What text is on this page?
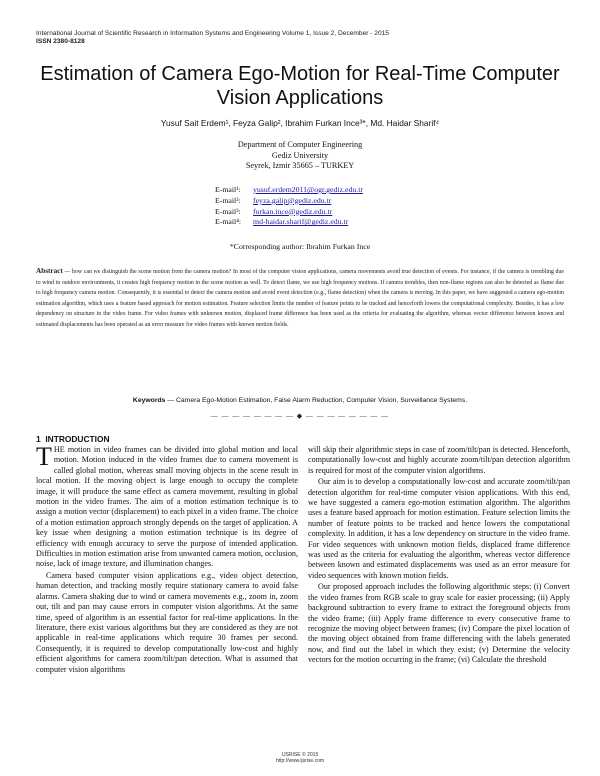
International Journal of Scientific Research in Information Systems and Engineering Volume 1, Issue 2, December - 2015
ISSN 2380-8128
Estimation of Camera Ego-Motion for Real-Time Computer Vision Applications
Yusuf Sait Erdem¹, Feyza Galip², Ibrahim Furkan Ince³*, Md. Haidar Sharif⁴
Department of Computer Engineering
Gediz University
Seyrek, Izmir 35665 – TURKEY
E-mail¹: yusuf.erdem2011@ogr.gediz.edu.tr
E-mail²: feyza.galip@gediz.edu.tr
E-mail³: furkan.ince@gediz.edu.tr
E-mail⁴: md-haidar.sharif@gediz.edu.tr
*Corresponding author: Ibrahim Furkan Ince
Abstract — how can we distinguish the scene motion from the camera motion? In most of the computer vision applications, camera movements avoid true detection of events. For instance, if the camera is trembling due to wind in outdoor environments, it creates high frequency motion in the scene motion as well. To detect flame, we use high frequency motions. If camera trembles, then non-flame regions can also be detected as flame due to high frequency camera motion. Consequently, it is essential to detect the camera motion and avoid event detection (e.g., flame detection) when the camera is moving. In this paper, we have suggested a camera ego-motion estimation algorithm, which uses a feature based approach for motion estimation. Feature selection limits the number of feature points to be tracked and henceforth lowers the computational complexity. Besides, it has a low dependency on structure in the video frame. For video frames with unknown motion, displaced frame difference has been used as the criteria for evaluating the algorithm, whereas vector difference between known and estimated displacements has been operated as an error measure for video frames with known motion fields.
Keywords — Camera Ego-Motion Estimation, False Alarm Reduction, Computer Vision, Surveillance Systems.
— — — — — — — — ◆ — — — — — — — —
1 INTRODUCTION

THE motion in video frames can be divided into global motion and local motion. Motion induced in the video frames due to camera movement is called global motion, whereas small moving objects in the scene result in local motion. If the moving object is large enough to occupy the complete image, it will produce the same effect as camera movement, resulting in global motion in the video frames. The aim of a motion estimation technique is to assign a motion vector (displacement) to each pixel in a video frame. The choice of a motion estimation approach strongly depends on the target of application. A key issue when designing a motion estimation technique is its degree of efficiency with enough accuracy to serve the purpose of intended application. Difficulties in motion estimation arise from unwanted camera motion, occlusion, noise, lack of image texture, and illumination changes.

Camera based computer vision applications e.g., video object detection, human detection, and tracking mostly require stationary camera to avoid false alarms. Camera shaking due to wind or camera movements e.g., zoom in, zoom out, tilt and pan may cause errors in computer vision algorithms. At the same time, speed of algorithm is an essential factor for real-time applications. In the literature, there exist various algorithms but they are considered as they are not applicable in real-time applications which require 30 frames per second. Consequently, it is required to develop computationally low-cost and highly efficient algorithms for camera zoom/tilt/pan detection. What is assumed that computer vision algorithms

will skip their algorithmic steps in case of zoom/tilt/pan is detected. Henceforth, computationally low-cost and highly accurate zoom/tilt/pan detection algorithm is required for most of the computer vision algorithms.

Our aim is to develop a computationally low-cost and accurate zoom/tilt/pan detection algorithm for real-time computer vision applications. With this end, we have suggested a camera ego-motion estimation algorithm. The algorithm uses a feature based approach for motion estimation. Feature selection limits the number of feature points to be tracked and hence lowers the computational complexity. In addition, it has a low dependency on structure in the video frame. For video sequences with unknown motion fields, displaced frame difference was used as the criteria for evaluating the algorithm, whereas vector difference between known and estimated displacements was used as an error measure for video sequences with known motion fields.

Our proposed approach includes the following algorithmic steps: (i) Convert the video frames from RGB scale to gray scale for easier processing; (ii) Apply background subtraction to every frame to extract the foreground objects from the video frame; (iii) Apply frame difference to every consecutive frame to recognize the moving object between frames; (iv) Compare the pixel location of the moving object obtained from frame differencing with the labels generated now, and find out the label in which they exist; (v) Determine the velocity vectors for the motion occurring in the frame; (vi) Calculate the threshold

IJSRISE © 2015
http://www.ijsrise.com
